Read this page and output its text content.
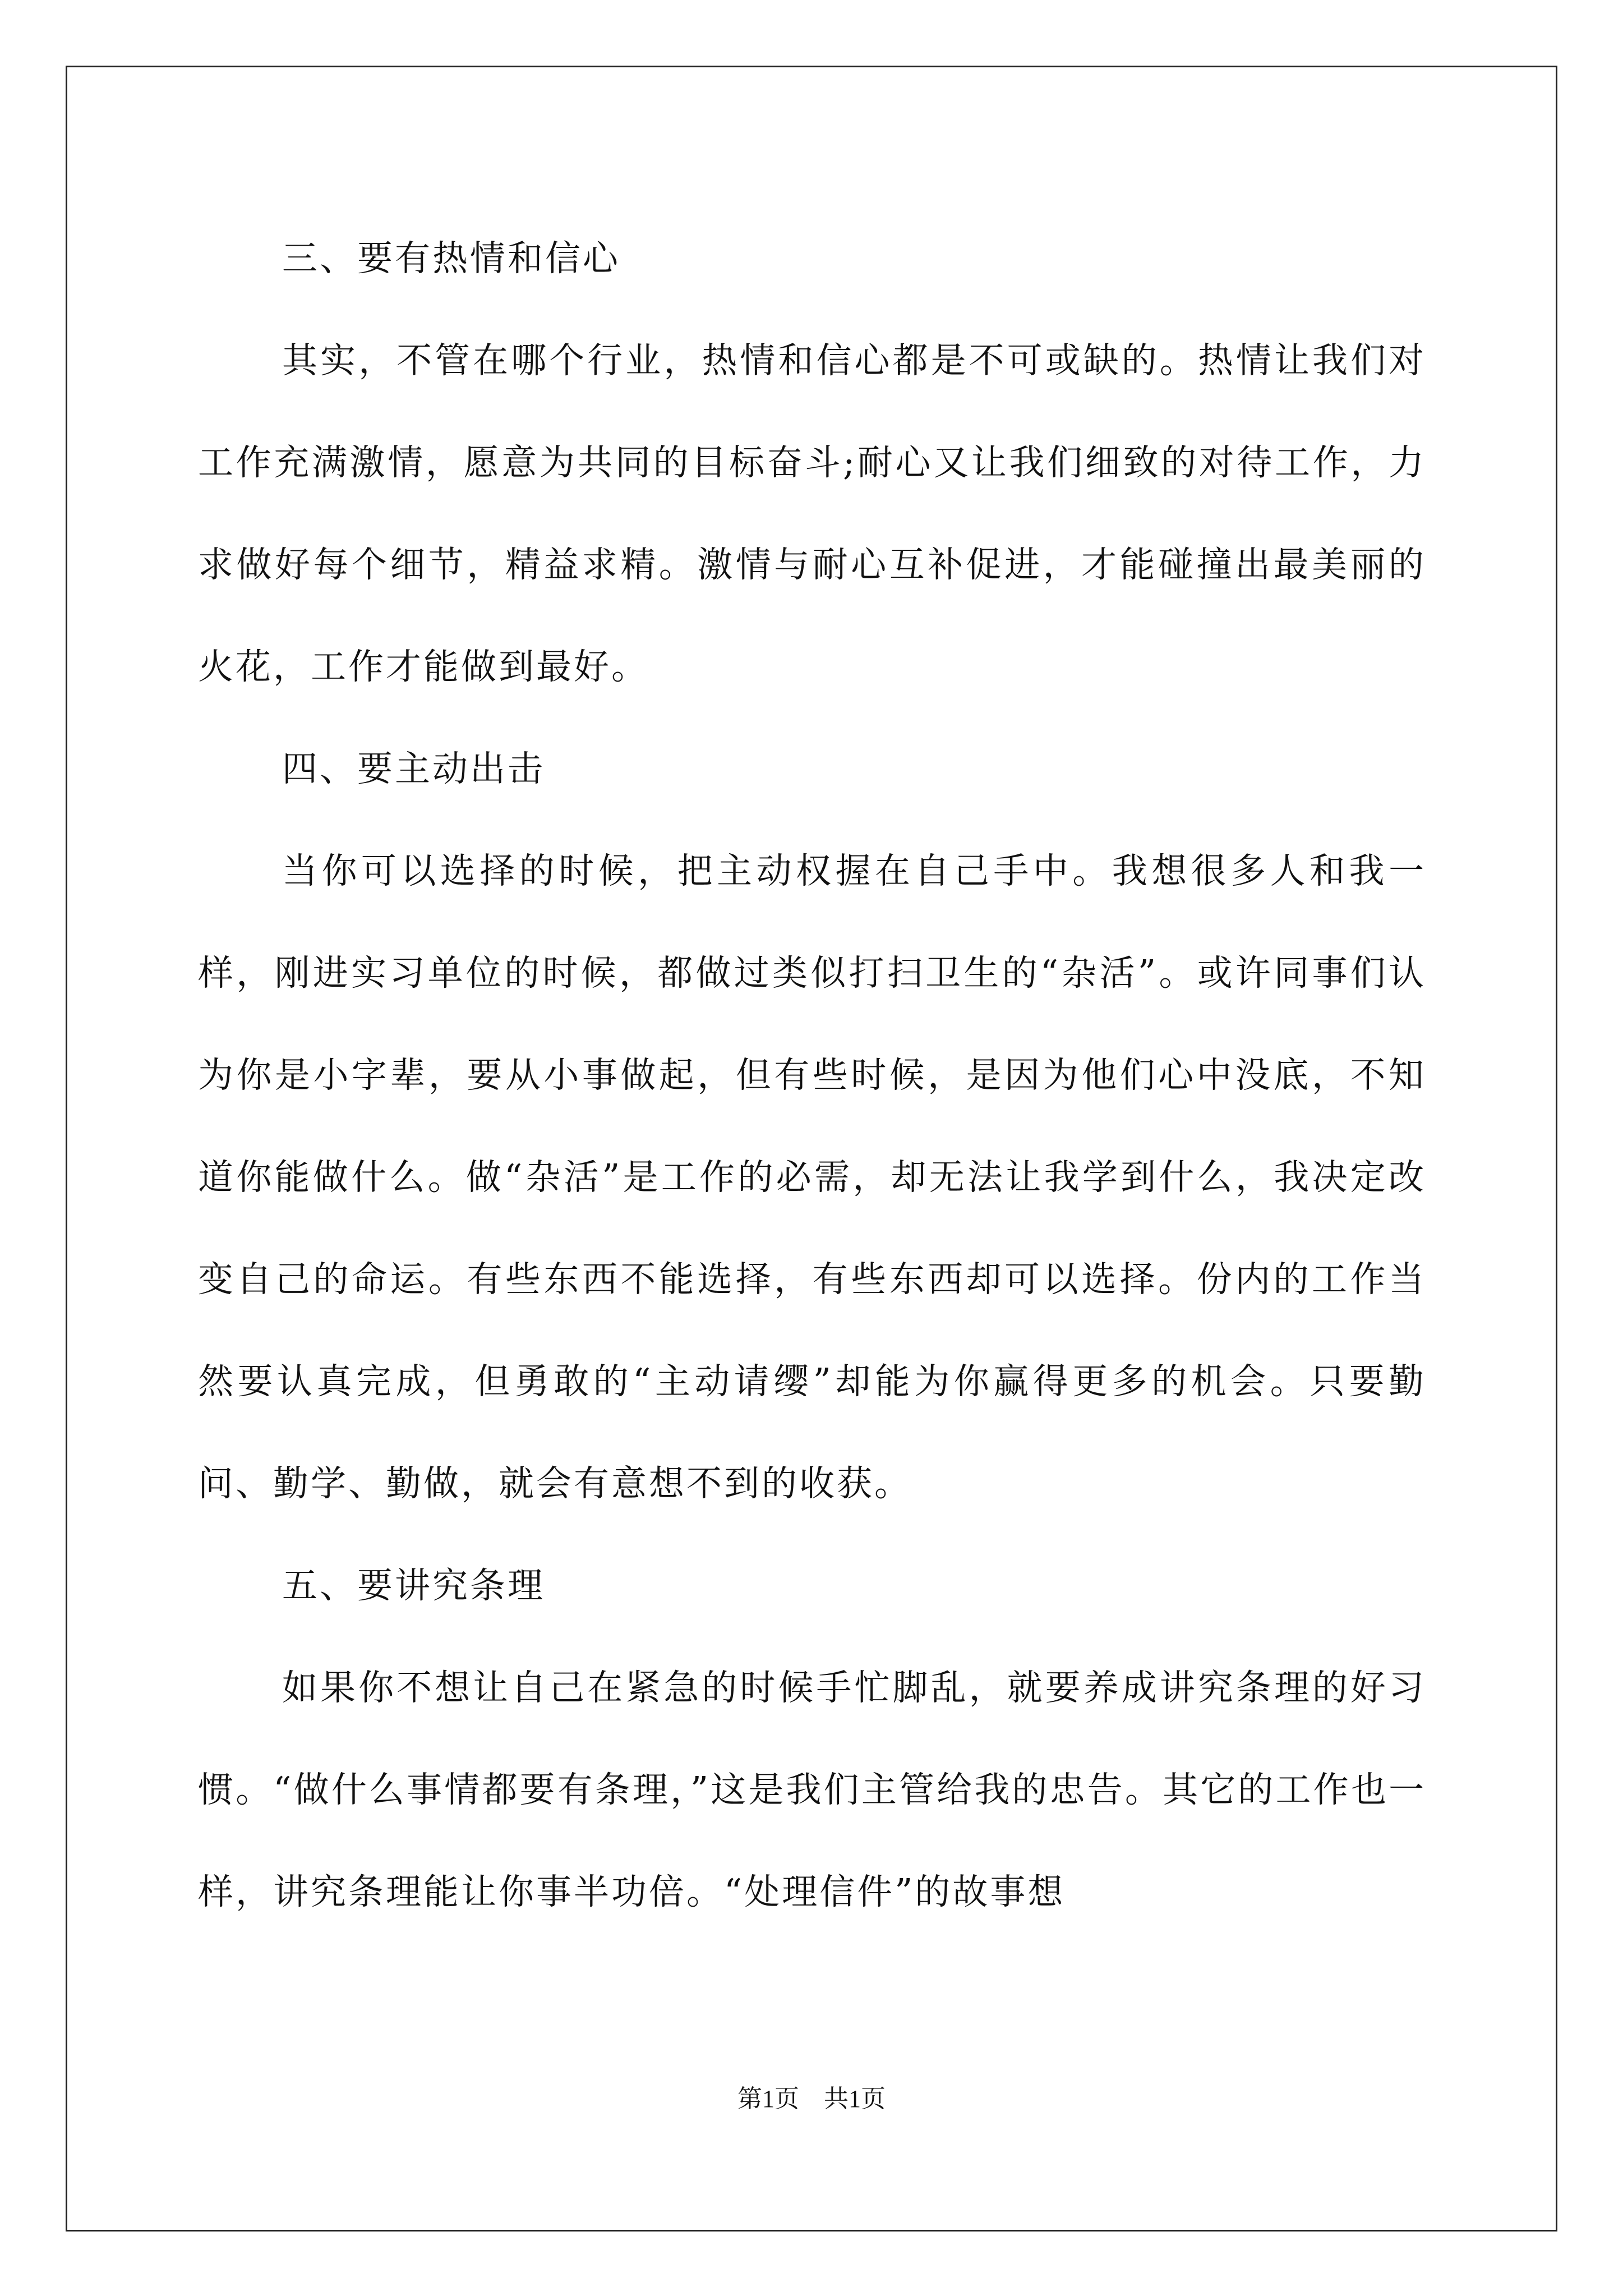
三、要有热情和信心

其实，不管在哪个行业，热情和信心都是不可或缺的。热情让我们对工作充满激情，愿意为共同的目标奋斗;耐心又让我们细致的对待工作，力求做好每个细节，精益求精。激情与耐心互补促进，才能碰撞出最美丽的火花，工作才能做到最好。

四、要主动出击

当你可以选择的时候，把主动权握在自己手中。我想很多人和我一样，刚进实习单位的时候，都做过类似打扫卫生的“杂活”。或许同事们认为你是小字辈，要从小事做起，但有些时候，是因为他们心中没底，不知道你能做什么。做“杂活”是工作的必需，却无法让我学到什么，我决定改变自己的命运。有些东西不能选择，有些东西却可以选择。份内的工作当然要认真完成，但勇敢的“主动请缨”却能为你赢得更多的机会。只要勤问、勤学、勤做，就会有意想不到的收获。

五、要讲究条理

如果你不想让自己在紧急的时候手忙脚乱，就要养成讲究条理的好习惯。“做什么事情都要有条理，”这是我们主管给我的忠告。其它的工作也一样，讲究条理能让你事半功倍。“处理信件”的故事想

第1页　共1页
